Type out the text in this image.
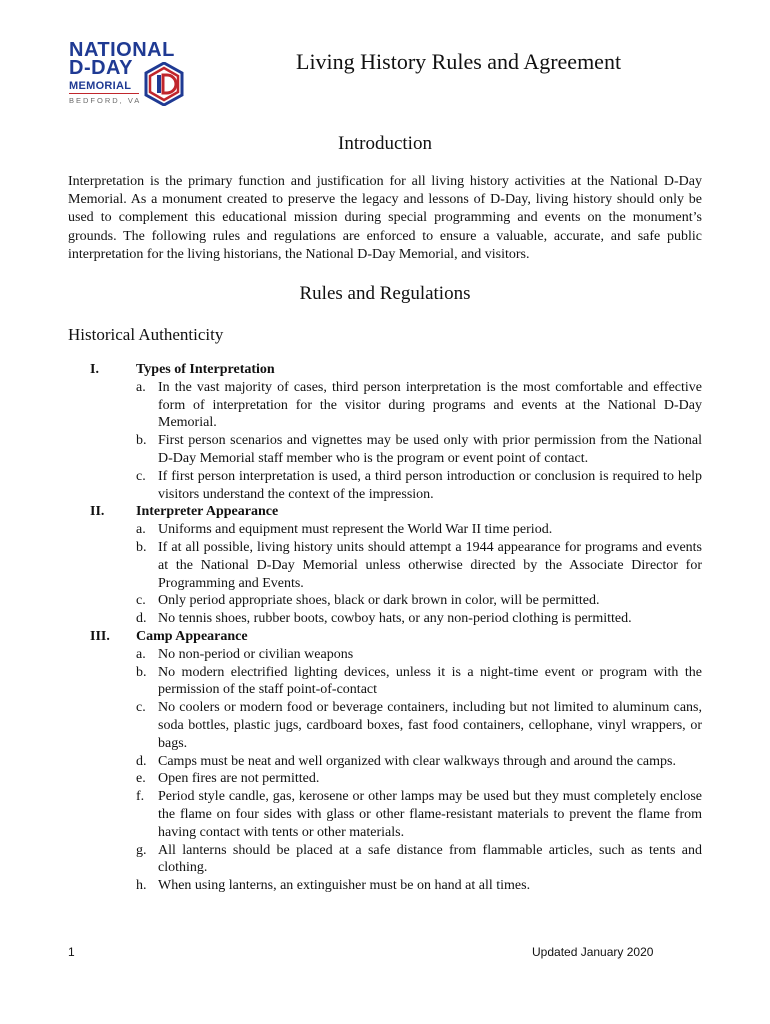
NATIONAL
D-DAY
MEMORIAL
BEDFORD, VA
Living History Rules and Agreement
Introduction
Interpretation is the primary function and justification for all living history activities at the National D-Day Memorial. As a monument created to preserve the legacy and lessons of D-Day, living history should only be used to complement this educational mission during special programming and events on the monument’s grounds. The following rules and regulations are enforced to ensure a valuable, accurate, and safe public interpretation for the living historians, the National D-Day Memorial, and visitors.
Rules and Regulations
Historical Authenticity
I.	Types of Interpretation
a. In the vast majority of cases, third person interpretation is the most comfortable and effective form of interpretation for the visitor during programs and events at the National D-Day Memorial.
b. First person scenarios and vignettes may be used only with prior permission from the National D-Day Memorial staff member who is the program or event point of contact.
c. If first person interpretation is used, a third person introduction or conclusion is required to help visitors understand the context of the impression.
II. Interpreter Appearance
a. Uniforms and equipment must represent the World War II time period.
b. If at all possible, living history units should attempt a 1944 appearance for programs and events at the National D-Day Memorial unless otherwise directed by the Associate Director for Programming and Events.
c. Only period appropriate shoes, black or dark brown in color, will be permitted.
d. No tennis shoes, rubber boots, cowboy hats, or any non-period clothing is permitted.
III. Camp Appearance
a. No non-period or civilian weapons
b. No modern electrified lighting devices, unless it is a night-time event or program with the permission of the staff point-of-contact
c. No coolers or modern food or beverage containers, including but not limited to aluminum cans, soda bottles, plastic jugs, cardboard boxes, fast food containers, cellophane, vinyl wrappers, or bags.
d. Camps must be neat and well organized with clear walkways through and around the camps.
e. Open fires are not permitted.
f. Period style candle, gas, kerosene or other lamps may be used but they must completely enclose the flame on four sides with glass or other flame-resistant materials to prevent the flame from having contact with tents or other materials.
g. All lanterns should be placed at a safe distance from flammable articles, such as tents and clothing.
h. When using lanterns, an extinguisher must be on hand at all times.
1	Updated January 2020
